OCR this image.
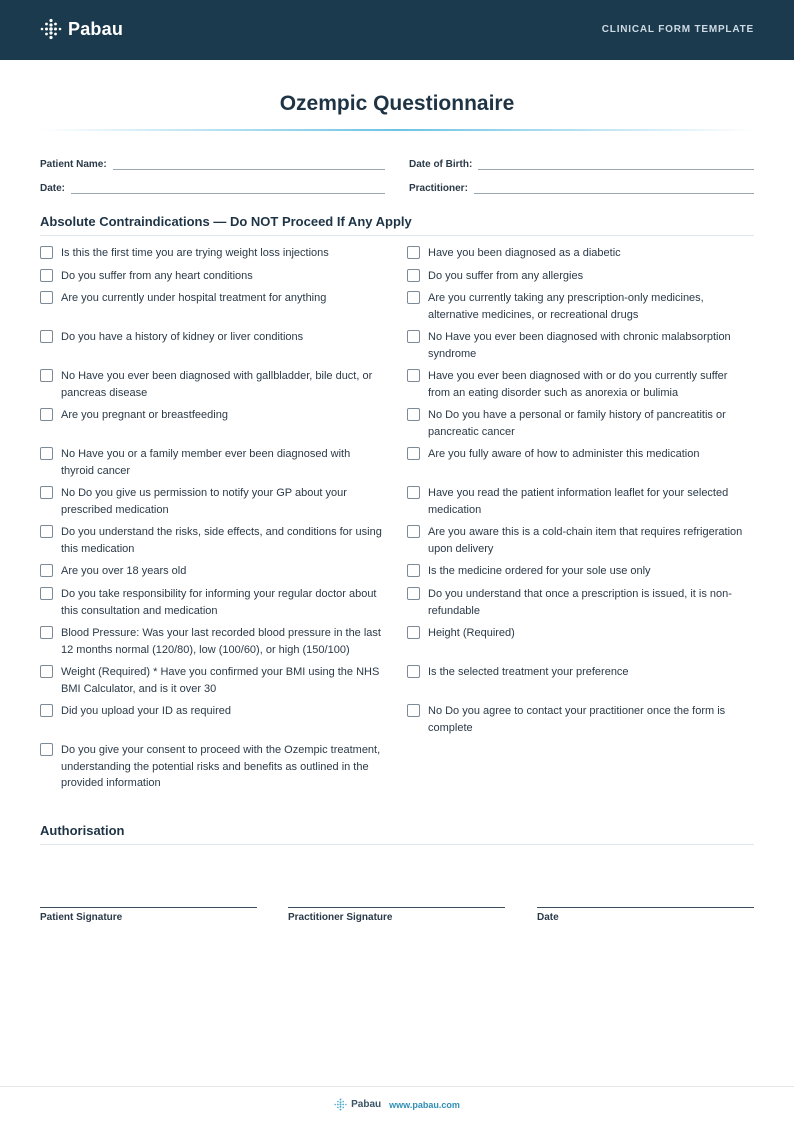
Pabau	CLINICAL FORM TEMPLATE
Ozempic Questionnaire
Patient Name:	Date of Birth:
Date:	Practitioner:
Absolute Contraindications — Do NOT Proceed If Any Apply
Is this the first time you are trying weight loss injections
Do you suffer from any heart conditions
Are you currently under hospital treatment for anything
Do you have a history of kidney or liver conditions
No Have you ever been diagnosed with gallbladder, bile duct, or pancreas disease
Are you pregnant or breastfeeding
No Have you or a family member ever been diagnosed with thyroid cancer
No Do you give us permission to notify your GP about your prescribed medication
Do you understand the risks, side effects, and conditions for using this medication
Are you over 18 years old
Do you take responsibility for informing your regular doctor about this consultation and medication
Blood Pressure: Was your last recorded blood pressure in the last 12 months normal (120/80), low (100/60), or high (150/100)
Weight (Required) * Have you confirmed your BMI using the NHS BMI Calculator, and is it over 30
Did you upload your ID as required
Do you give your consent to proceed with the Ozempic treatment, understanding the potential risks and benefits as outlined in the provided information
Have you been diagnosed as a diabetic
Do you suffer from any allergies
Are you currently taking any prescription-only medicines, alternative medicines, or recreational drugs
No Have you ever been diagnosed with chronic malabsorption syndrome
Have you ever been diagnosed with or do you currently suffer from an eating disorder such as anorexia or bulimia
No Do you have a personal or family history of pancreatitis or pancreatic cancer
Are you fully aware of how to administer this medication
Have you read the patient information leaflet for your selected medication
Are you aware this is a cold-chain item that requires refrigeration upon delivery
Is the medicine ordered for your sole use only
Do you understand that once a prescription is issued, it is non-refundable
Height (Required)
Is the selected treatment your preference
No Do you agree to contact your practitioner once the form is complete
Authorisation
Patient Signature	Practitioner Signature	Date
Pabau www.pabau.com
